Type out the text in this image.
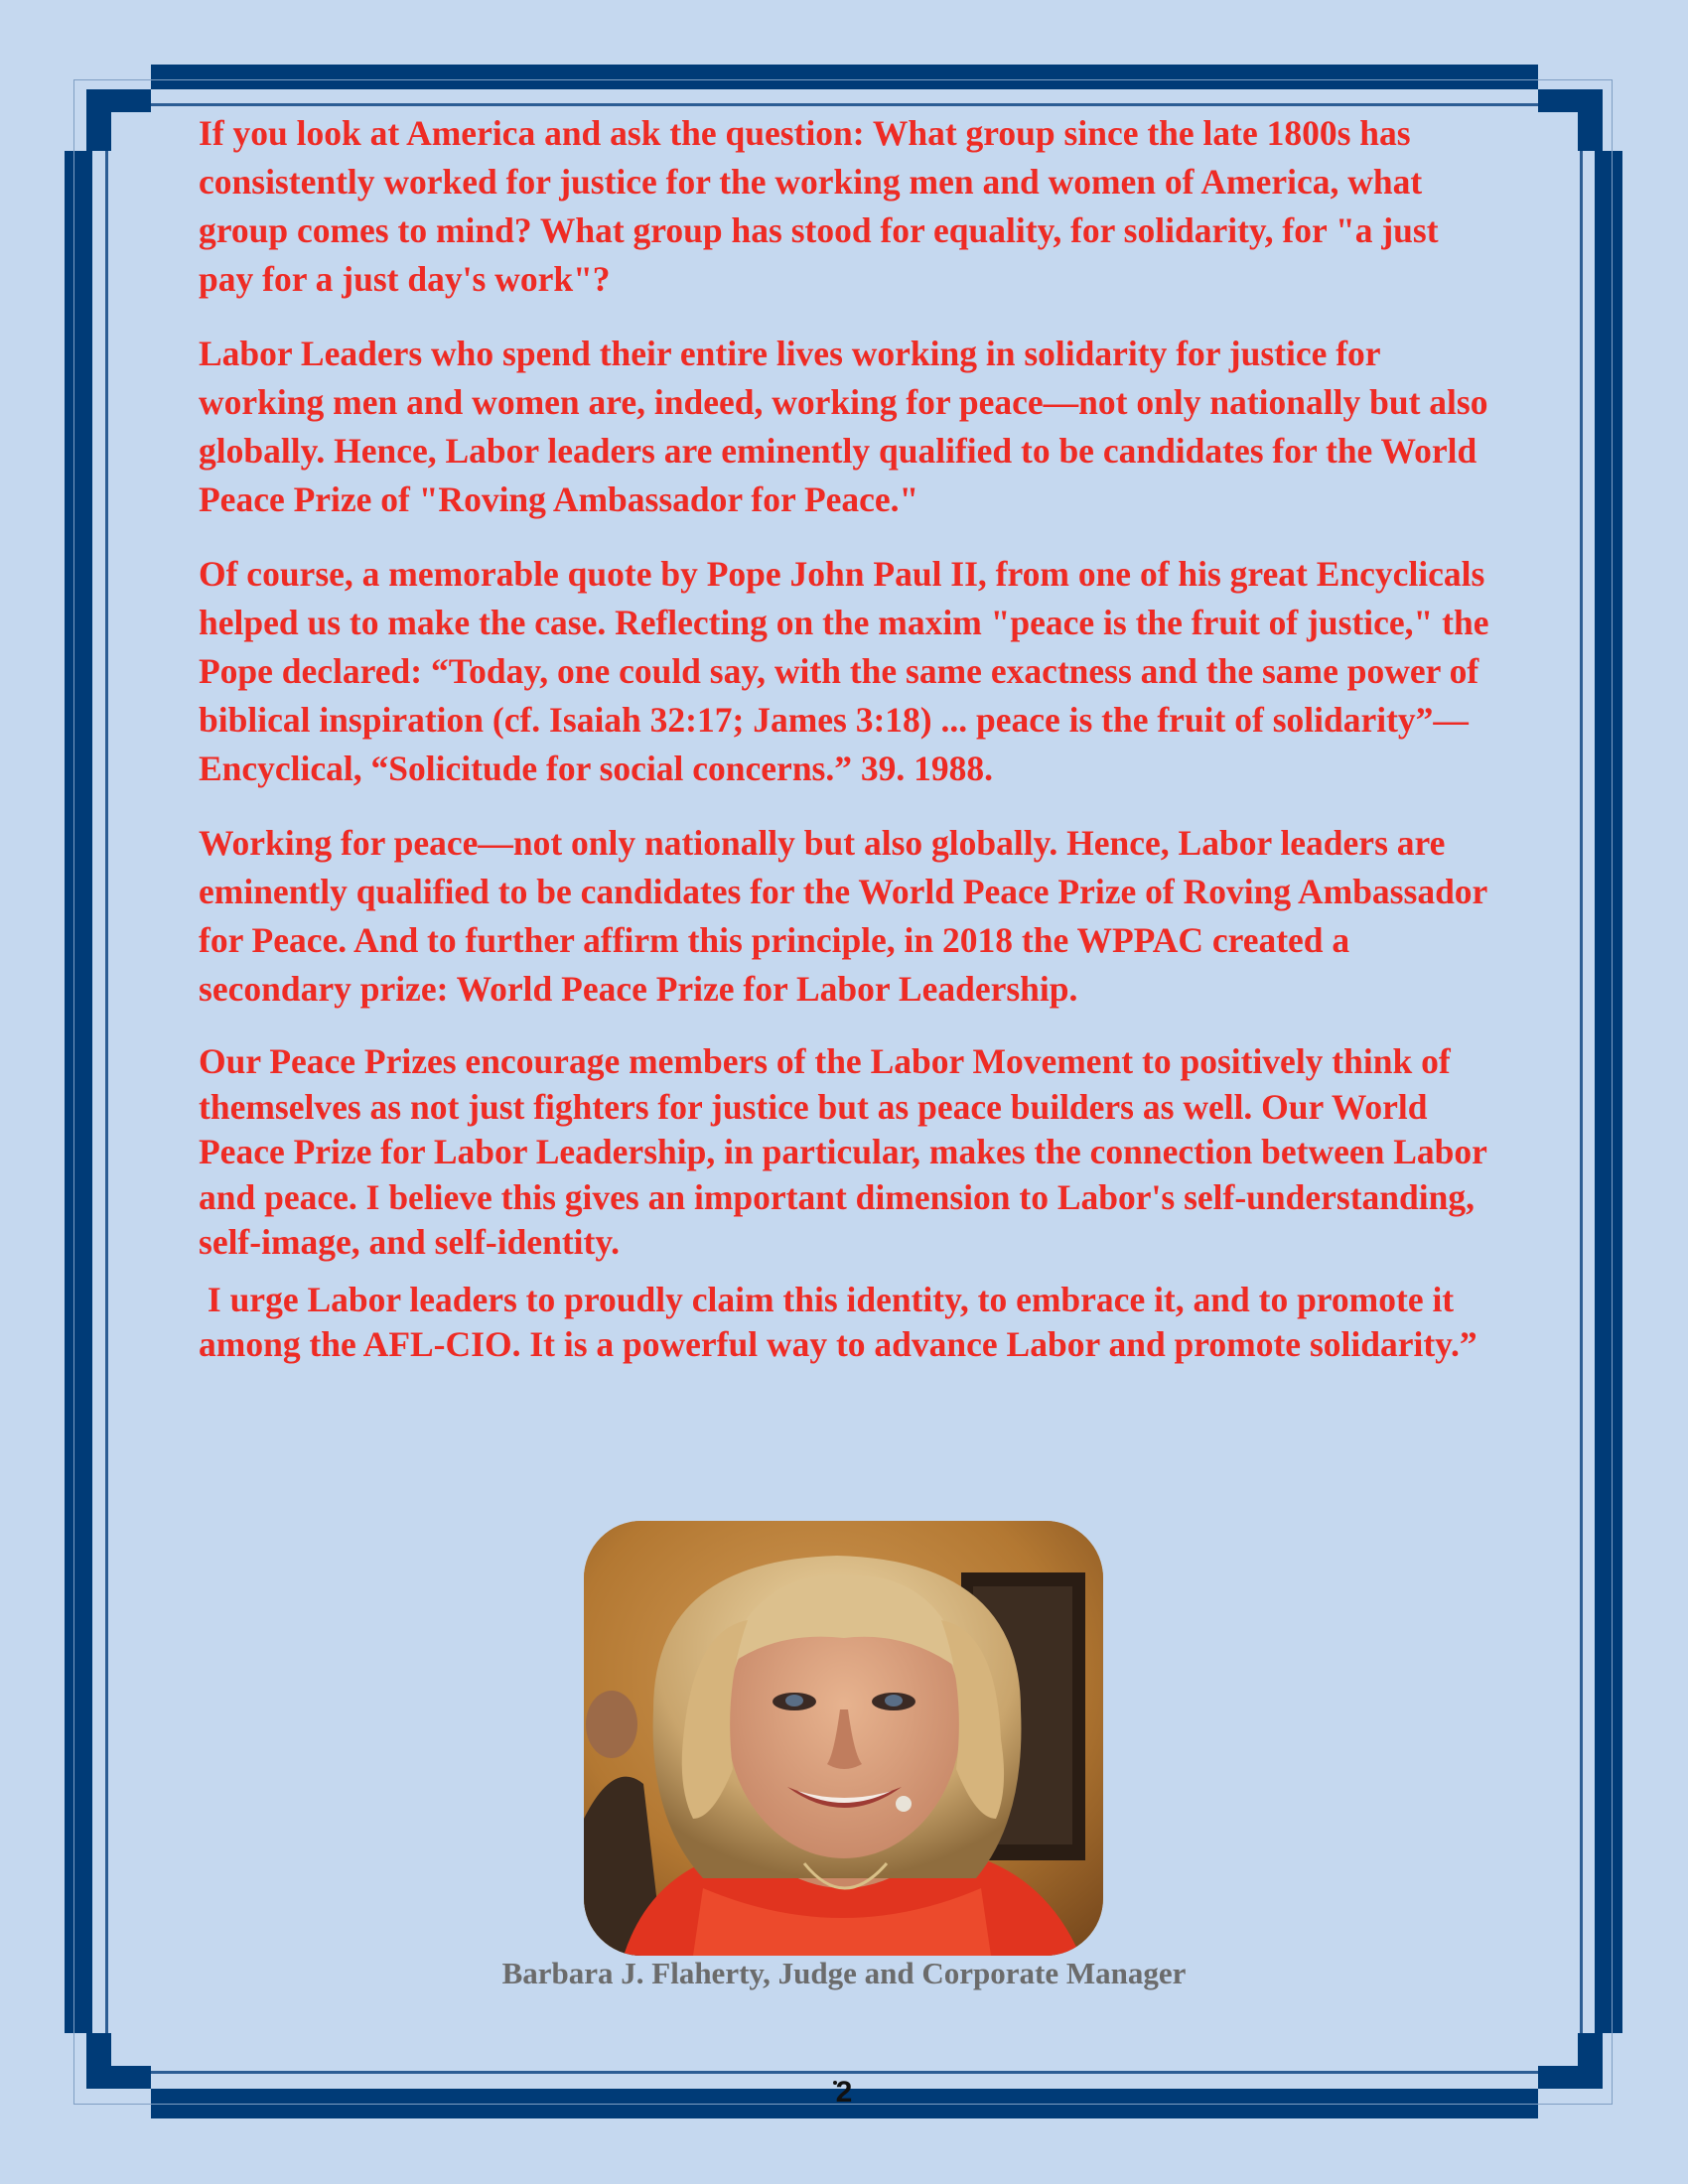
If you look at America and ask the question: What group since the late 1800s has consistently worked for justice for the working men and women of America, what group comes to mind? What group has stood for equality, for solidarity, for "a just pay for a just day's work"?

Labor Leaders who spend their entire lives working in solidarity for justice for working men and women are, indeed, working for peace—not only nationally but also globally. Hence, Labor leaders are eminently qualified to be candidates for the World Peace Prize of "Roving Ambassador for Peace."

Of course, a memorable quote by Pope John Paul II, from one of his great Encyclicals helped us to make the case. Reflecting on the maxim "peace is the fruit of justice," the Pope declared: “Today, one could say, with the same exactness and the same power of biblical inspiration (cf. Isaiah 32:17; James 3:18) ... peace is the fruit of solidarity”— Encyclical, “Solicitude for social concerns.” 39. 1988.

Working for peace—not only nationally but also globally. Hence, Labor leaders are eminently qualified to be candidates for the World Peace Prize of Roving Ambassador for Peace. And to further affirm this principle, in 2018 the WPPAC created a secondary prize: World Peace Prize for Labor Leadership.

Our Peace Prizes encourage members of the Labor Movement to positively think of themselves as not just fighters for justice but as peace builders as well. Our World Peace Prize for Labor Leadership, in particular, makes the connection between Labor and peace. I believe this gives an important dimension to Labor's self-understanding, self-image, and self-identity.

I urge Labor leaders to proudly claim this identity, to embrace it, and to promote it among the AFL-CIO. It is a powerful way to advance Labor and promote solidarity.”

Barbara J. Flaherty, Judge and Corporate Manager
2
